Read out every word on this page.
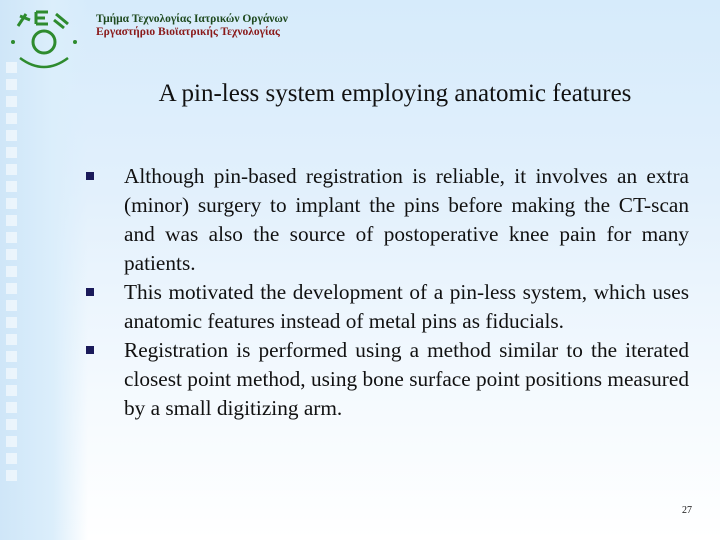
Τμήμα Τεχνολογίας Ιατρικών Οργάνων
Εργαστήριο Βιοϊατρικής Τεχνολογίας
A pin-less system employing anatomic features
Although pin-based registration is reliable, it involves an extra (minor) surgery to implant the pins before making the CT-scan and was also the source of postoperative knee pain for many patients.
This motivated the development of a pin-less system, which uses anatomic features instead of metal pins as fiducials.
Registration is performed using a method similar to the iterated closest point method, using bone surface point positions measured by a small digitizing arm.
27
